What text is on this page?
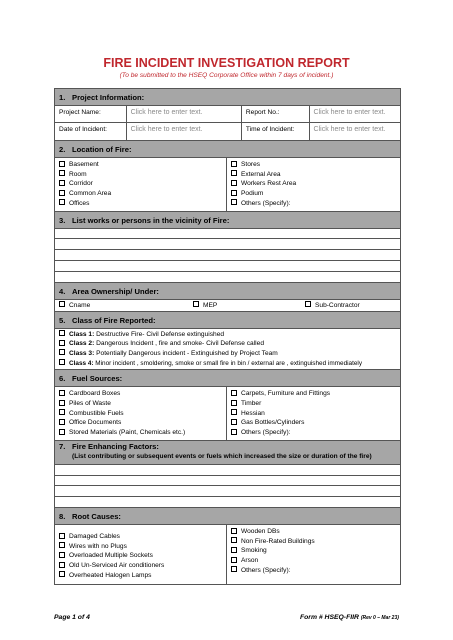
FIRE INCIDENT INVESTIGATION REPORT
(To be submitted to the HSEQ Corporate Office within 7 days of incident.)
1. Project Information:
Project Name:	Click here to enter text.	Report No.:	Click here to enter text.
Date of Incident:	Click here to enter text.	Time of Incident:	Click here to enter text.
2. Location of Fire:
Basement
Room
Corridor
Common Area
Offices
Stores
External Area
Workers Rest Area
Podium
Others (Specify):
3. List works or persons in the vicinity of Fire:
4. Area Ownership/ Under:
Cname	MEP	Sub-Contractor
5. Class of Fire Reported:
Class 1: Destructive Fire- Civil Defense extinguished
Class 2: Dangerous Incident , fire and smoke- Civil Defense called
Class 3: Potentially Dangerous incident - Extinguished by Project Team
Class 4: Minor incident , smoldering, smoke or small fire in bin / external are , extinguished immediately
6. Fuel Sources:
Cardboard Boxes
Piles of Waste
Combustible Fuels
Office Documents
Stored Materials (Paint, Chemicals etc.)
Carpets, Furniture and Fittings
Timber
Hessian
Gas Bottles/Cylinders
Others (Specify):
7. Fire Enhancing Factors:
(List contributing or subsequent events or fuels which increased the size or duration of the fire)
8. Root Causes:
Damaged Cables
Wires with no Plugs
Overloaded Multiple Sockets
Old Un-Serviced Air conditioners
Overheated Halogen Lamps
Wooden DBs
Non Fire-Rated Buildings
Smoking
Arson
Others (Specify):
Page 1 of 4	Form # HSEQ-FIIR (Rev 0 – Mar 23)
